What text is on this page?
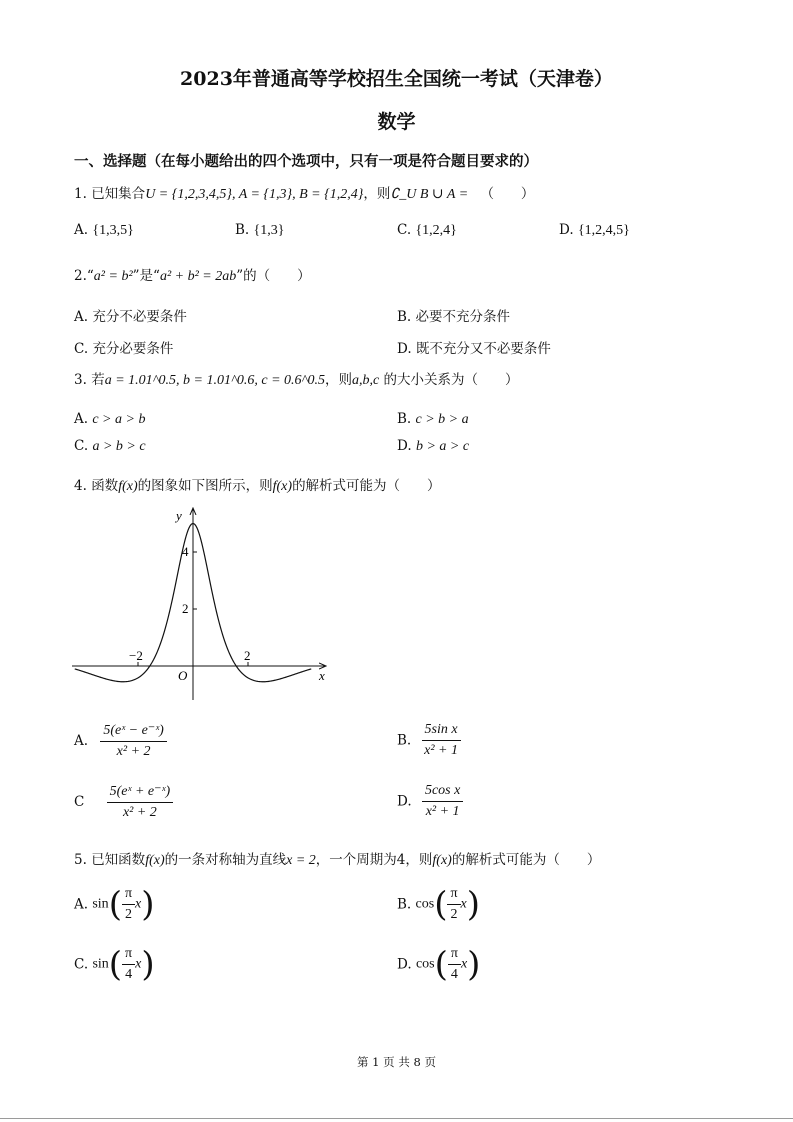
2023年普通高等学校招生全国统一考试（天津卷）
数学
一、选择题（在每小题给出的四个选项中，只有一项是符合题目要求的）
1. 已知集合U = {1,2,3,4,5}, A = {1,3}, B = {1,2,4}，则∁_U B ∪ A = （　　）
A. {1,3,5}	B. {1,3}	C. {1,2,4}	D. {1,2,4,5}
2.“a² = b²”是“a² + b² = 2ab”的（　　）
A. 充分不必要条件	B. 必要不充分条件
C. 充分必要条件	D. 既不充分又不必要条件
3. 若a = 1.01^0.5, b = 1.01^0.6, c = 0.6^0.5，则a,b,c 的大小关系为（　　）
A. c > a > b	B. c > b > a
C. a > b > c	D. b > a > c
4. 函数f(x)的图象如下图所示，则f(x)的解析式可能为（　　）
y
x
O
−2	2
2
4
A. $\frac{\text{5(eˣ − e⁻ˣ)}}{\text{x² + 2}}$	B. $\frac{\text{5sin x}}{\text{x² + 1}}$
C $\frac{\text{5(eˣ + e⁻ˣ)}}{\text{x² + 2}}$	D. $\frac{\text{5cos x}}{\text{x² + 1}}$
5. 已知函数f(x)的一条对称轴为直线x = 2，一个周期为4，则f(x)的解析式可能为（　　）
A. $\sin( \frac{\pi}{2} x)$	B. $\cos( \frac{\pi}{2} x)$
C. $\sin( \frac{\pi}{4} x)$	D. $\cos( \frac{\pi}{4} x)$
第 1 页 共 8 页
